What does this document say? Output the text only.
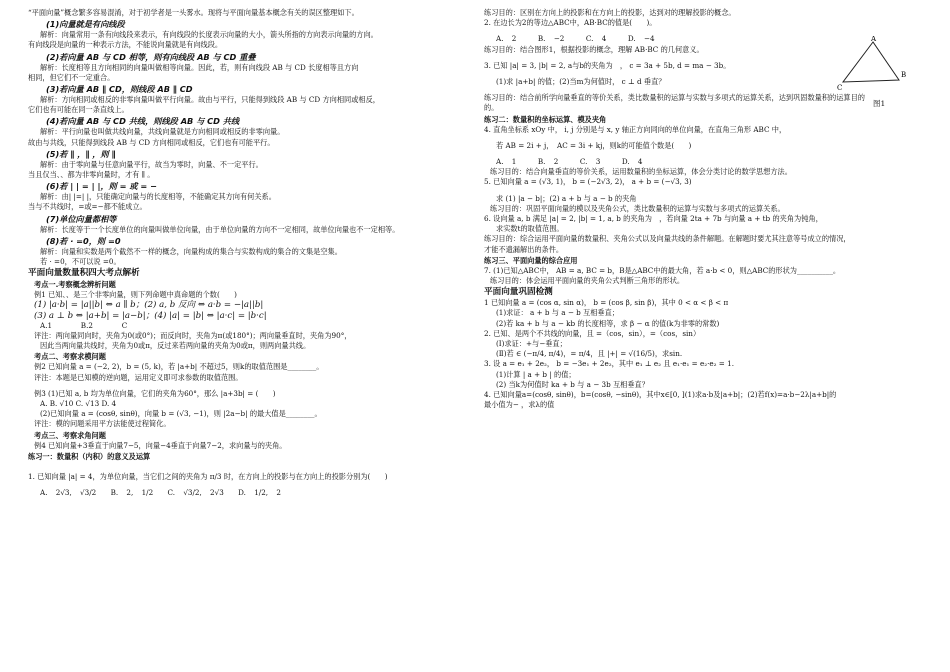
“平面向量”概念繁多容易混淆，对于初学者是一头雾水。现将与平面向量基本概念有关的误区整理如下。

(1)向量就是有向线段

解析：向量常用一条有向线段来表示，有向线段的长度表示向量的大小，箭头所指的方向表示向量的方向。

有向线段是向量的一种表示方法，不能说向量就是有向线段。

(2)若向量 AB 与 CD 相等，则有向线段 AB 与 CD 重叠

解析：长度相等且方向相同的向量叫做相等向量。因此，若，则有向线段 AB 与 CD 长度相等且方向

相同，但它们不一定重合。

(3)若向量 AB ∥ CD，则线段 AB ∥ CD

解析：方向相同或相反的非零向量叫做平行向量。故由与平行，只能得到线段 AB 与 CD 方向相同或相反，

它们也有可能在同一条直线上。

(4)若向量 AB 与 CD 共线，则线段 AB 与 CD 共线

解析：平行向量也叫做共线向量，共线向量就是方向相同或相反的非零向量。

故由与共线，只能得到线段 AB 与 CD 方向相同或相反，它们也有可能平行。

(5)若 ∥ ，∥ ，则 ∥

解析：由于零向量与任意向量平行，故当为零时，向量、不一定平行。

当且仅当、、都为非零向量时，才有 ∥ 。

(6)若 | | = | |，则 = 或 = −

解析：由| |=| |，只能确定向量与的长度相等，不能确定其方向有何关系。

当与不共线时，=或=−都不能成立。

(7)单位向量都相等

解析：长度等于一个长度单位的向量叫做单位向量，由于单位向量的方向不一定相同，故单位向量也不一定相等。

(8)若 · =0，则 =0

解析：向量和实数是两个截然不一样的概念，向量构成的集合与实数构成的集合的文集是空集。

若 · =0，不可以说 =0。

平面向量数量积四大考点解析

考点一.考察概念辨析问题

例1 已知、、是三个非零向量，则下列命题中真命题的个数(　　)

(1) |a·b| = |a||b| ⇔ a ∥ b；(2) a, b 反向 ⇔ a·b = −|a||b|

(3) a ⊥ b ⇔ |a+b| = |a−b|；(4) |a| = |b| ⇔ |a·c| = |b·c|

A.1　　　　B.2　　　　C

评注：两向量同向时，夹角为0(或0°)；而反向时，夹角为π(或180°)；两向量垂直时，夹角为90°，

因此当两向量共线时，夹角为0或π，反过来若两向量的夹角为0或π，则两向量共线。

考点二、考察求模问题

例2 已知向量 a = (−2, 2)，b = (5, k)，若 |a+b| 不超过5，则k的取值范围是________。

评注：本题是已知模的逆向题，运用定义即可求参数的取值范围。

例3 (1)已知 a, b 均为单位向量，它们的夹角为60°，那么 |a+3b| = (　　)

A. B. √10 C. √13 D. 4

(2)已知向量 a = (cosθ, sinθ)，向量 b = (√3, −1)，则 |2a−b| 的最大值是________。

评注：模的问题采用平方法能使过程简化。

考点三、考察求角问题

例4 已知向量+3垂直于向量7−5，向量−4垂直于向量7−2，求向量与的夹角。

练习一：数量积（内积）的意义及运算

1. 已知向量 |a| = 4，为单位向量，当它们之间的夹角为 π/3 时，在方向上的投影与在方向上的投影分别为(　　)

A. 2√3, √3/2　　B. 2, 1/2　　C. √3/2, 2√3　　D. 1/2, 2

练习目的：区别在方向上的投影和在方向上的投影，达到对的理解投影的概念。

2. 在边长为2的等边△ABC中，AB·BC的值是(　　)。

A. 2　　　B. −2　　　C. 4　　　D. −4

练习目的：结合图形1，根据投影的概念，理解 AB·BC 的几何意义。

3. 已知 |a| = 3, |b| = 2, a与b的夹角为　， c = 3a + 5b, d = ma − 3b。

(1)求 |a+b| 的值；(2)当m为何值时， c ⊥ d 垂直？

练习目的：结合前所学向量垂直的等价关系，类比数量积的运算与实数与多项式的运算关系，达到巩固数量积的运算目的

的。

练习二：数量积的坐标运算、模及夹角

4. 直角坐标系 xOy 中， i, j 分别是与 x, y 轴正方向同向的单位向量，在直角三角形 ABC 中，

若 AB = 2i + j，　AC = 3i + kj，则k的可能值个数是(　　)

A. 1　　　B. 2　　　C. 3　　　D. 4

练习目的：结合向量垂直的等价关系，运用数量积的坐标运算，体会分类讨论的数学思想方法。

5. 已知向量 a = (√3, 1)， b = (−2√3, 2)， a + b = (−√3, 3)

求 (1) |a − b|；(2) a + b 与 a − b 的夹角

练习目的：巩固平面向量的模以及夹角公式，类比数量积的运算与实数与多项式的运算关系。

6. 设向量 a, b 满足 |a| = 2, |b| = 1, a, b 的夹角为　，若向量 2ta + 7b 与向量 a + tb 的夹角为钝角，

求实数t的取值范围。

练习目的：综合运用平面向量的数量积、夹角公式以及向量共线的条件解题。在解题时要尤其注意等号成立的情况，

才能不遗漏解出的条件。

练习三、平面向量的综合应用

7. (1)已知△ABC中， AB = a, BC = b，B是△ABC中的最大角，若 a·b < 0，则△ABC的形状为__________。

练习目的：体会运用平面向量的夹角公式判断三角形的形状。

平面向量巩固检测

1 已知向量 a = (cos α, sin α)， b = (cos β, sin β)，其中 0 < α < β < π

(1)求证： a + b 与 a − b 互相垂直；

(2)若 ka + b 与 a − kb 的长度相等，求 β − α 的值(k为非零的常数)

2. 已知、是两个不共线的向量，且 =（cos，sin），=（cos，sin）

(Ⅰ)求证：+与−垂直；

(Ⅱ)若 ∈ (−π/4, π/4)，= π/4，且 |+| = √(16/5)，求sin.

3. 设 a = e₁ + 2e₂， b = −3e₁ + 2e₂，其中 e₁ ⊥ e₂ 且 e₁·e₁ = e₂·e₂ = 1.

(1)计算 | a + b | 的值；

(2) 当k为何值时 ka + b 与 a − 3b 互相垂直？

4. 已知向量a=(cosθ, sinθ)，b=(cosθ, −sinθ)，其中x∈[0, ](1)求a·b及|a+b|；(2)若f(x)=a·b−2λ|a+b|的

最小值为− ，求λ的值

A
B
C
图1
